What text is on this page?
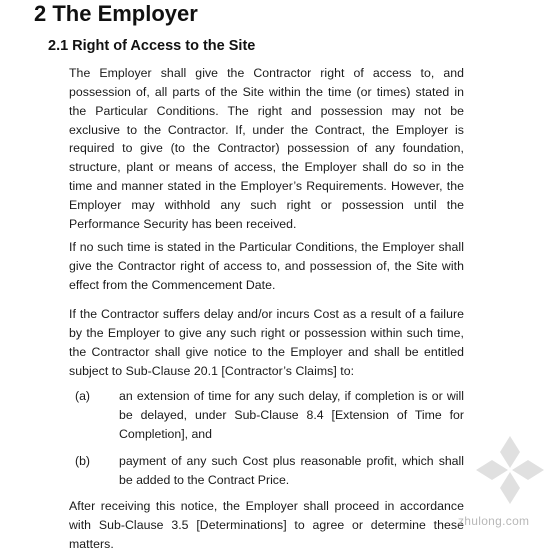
2 The Employer
2.1 Right of Access to the Site

The Employer shall give the Contractor right of access to, and possession of, all parts of the Site within the time (or times) stated in the Particular Conditions. The right and possession may not be exclusive to the Contractor. If, under the Contract, the Employer is required to give (to the Contractor) possession of any foundation, structure, plant or means of access, the Employer shall do so in the time and manner stated in the Employer’s Requirements. However, the Employer may withhold any such right or possession until the Performance Security has been received.

If no such time is stated in the Particular Conditions, the Employer shall give the Contractor right of access to, and possession of, the Site with effect from the Commencement Date.

If the Contractor suffers delay and/or incurs Cost as a result of a failure by the Employer to give any such right or possession within such time, the Contractor shall give notice to the Employer and shall be entitled subject to Sub-Clause 20.1 [Contractor’s Claims] to:

(a) an extension of time for any such delay, if completion is or will be delayed, under Sub-Clause 8.4 [Extension of Time for Completion], and
(b) payment of any such Cost plus reasonable profit, which shall be added to the Contract Price.

After receiving this notice, the Employer shall proceed in accordance with Sub-Clause 3.5 [Determinations] to agree or determine these matters.

zhulong.com
